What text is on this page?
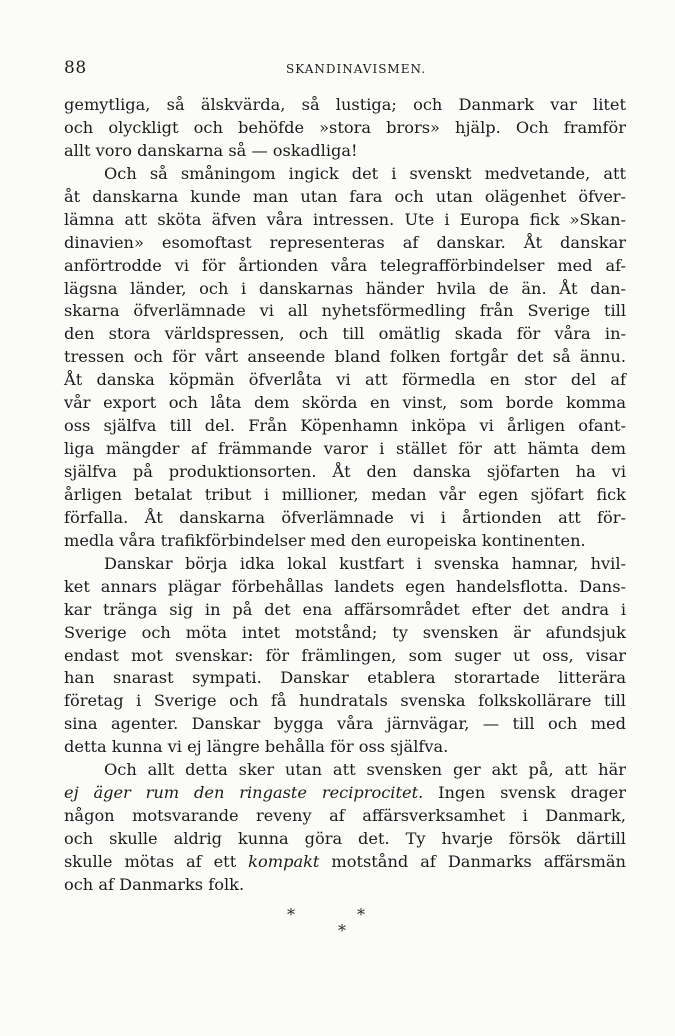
88	SKANDINAVISMEN.
gemytliga, så älskvärda, så lustiga; och Danmark var litet
och olyckligt och behöfde »stora brors» hjälp. Och framför
allt voro danskarna så — oskadliga!
Och så småningom ingick det i svenskt medvetande, att
åt danskarna kunde man utan fara och utan olägenhet öfver-
lämna att sköta äfven våra intressen. Ute i Europa fick »Skan-
dinavien» esomoftast representeras af danskar. Åt danskar
anförtrodde vi för årtionden våra telegrafförbindelser med af-
lägsna länder, och i danskarnas händer hvila de än. Åt dan-
skarna öfverlämnade vi all nyhetsförmedling från Sverige till
den stora världspressen, och till omätlig skada för våra in-
tressen och för vårt anseende bland folken fortgår det så ännu.
Åt danska köpmän öfverlåta vi att förmedla en stor del af
vår export och låta dem skörda en vinst, som borde komma
oss själfva till del. Från Köpenhamn inköpa vi årligen ofant-
liga mängder af främmande varor i stället för att hämta dem
själfva på produktionsorten. Åt den danska sjöfarten ha vi
årligen betalat tribut i millioner, medan vår egen sjöfart fick
förfalla. Åt danskarna öfverlämnade vi i årtionden att för-
medla våra trafikförbindelser med den europeiska kontinenten.
Danskar börja idka lokal kustfart i svenska hamnar, hvil-
ket annars plägar förbehållas landets egen handelsflotta. Dans-
kar tränga sig in på det ena affärsområdet efter det andra i
Sverige och möta intet motstånd; ty svensken är afundsjuk
endast mot svenskar: för främlingen, som suger ut oss, visar
han snarast sympati. Danskar etablera storartade litterära
företag i Sverige och få hundratals svenska folkskollärare till
sina agenter. Danskar bygga våra järnvägar, — till och med
detta kunna vi ej längre behålla för oss själfva.
Och allt detta sker utan att svensken ger akt på, att här
ej äger rum den ringaste reciprocitet. Ingen svensk drager
någon motsvarande reveny af affärsverksamhet i Danmark,
och skulle aldrig kunna göra det. Ty hvarje försök därtill
skulle mötas af ett kompakt motstånd af Danmarks affärsmän
och af Danmarks folk.
*	*
*
